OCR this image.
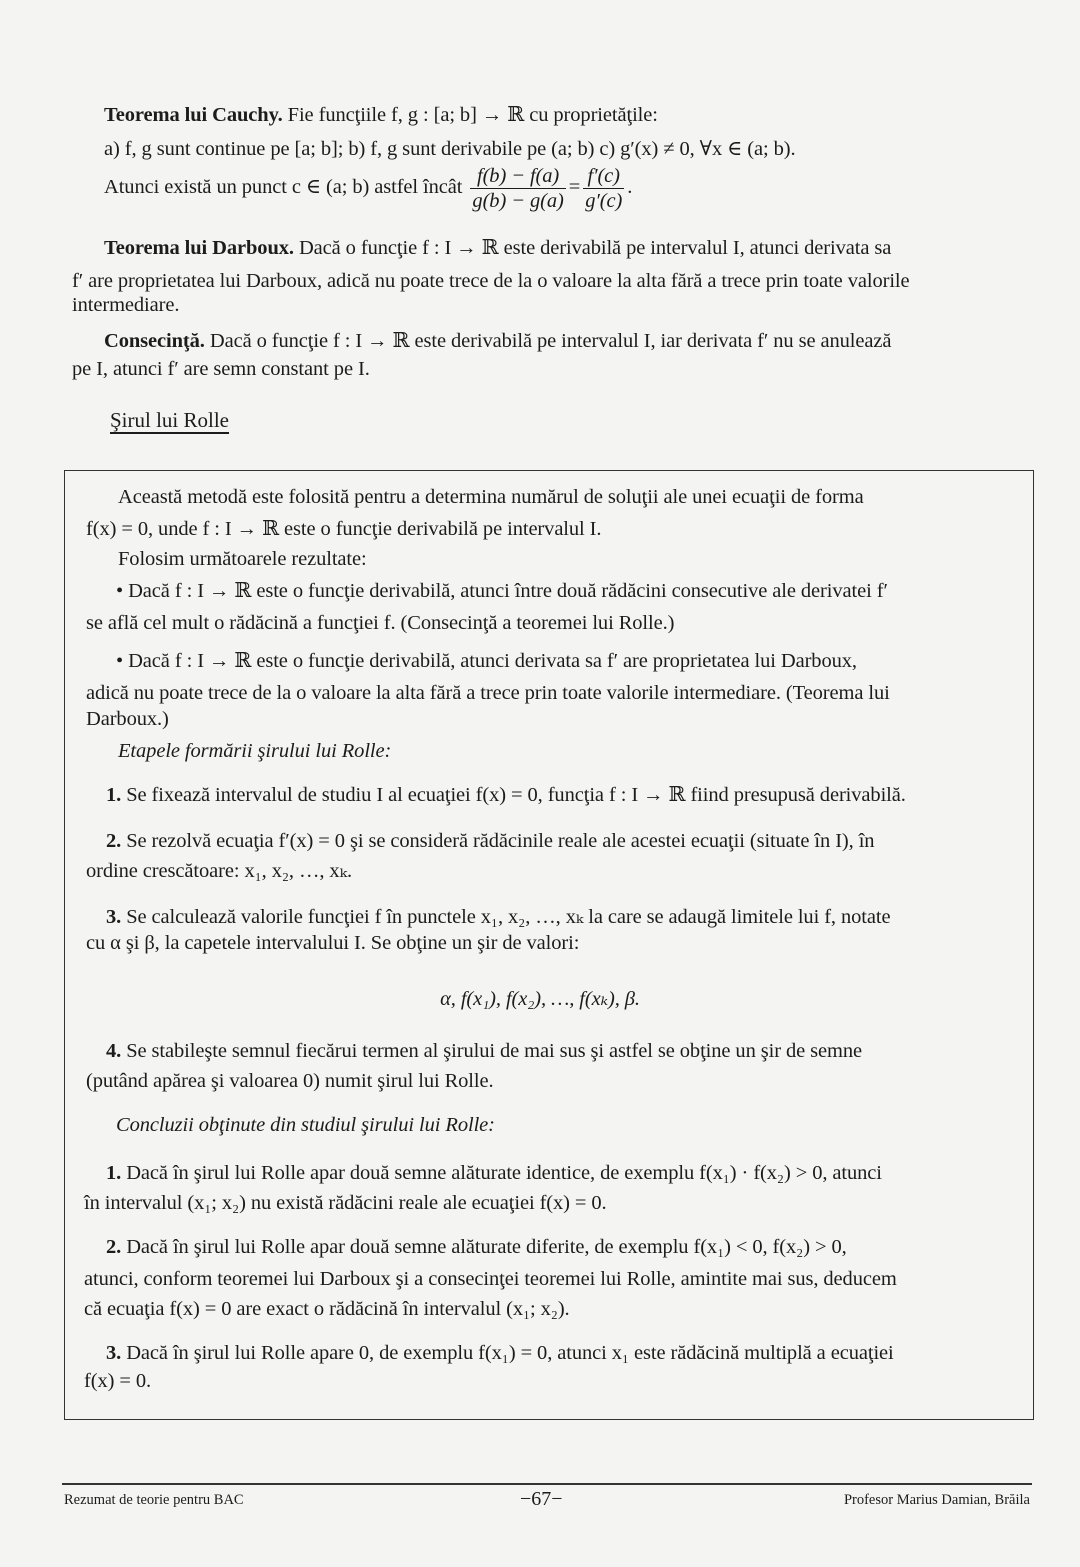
Teorema lui Cauchy. Fie funcţiile f, g : [a; b] → ℝ cu proprietăţile:
a) f, g sunt continue pe [a; b]; b) f, g sunt derivabile pe (a; b) c) g′(x) ≠ 0, ∀x ∈ (a; b).
Atunci există un punct c ∈ (a; b) astfel încât $\frac{f(b) - f(a)}{g(b) - g(a)} = \frac{f'(c)}{g'(c)}$ .
Teorema lui Darboux. Dacă o funcţie f : I → ℝ este derivabilă pe intervalul I, atunci derivata sa
f′ are proprietatea lui Darboux, adică nu poate trece de la o valoare la alta fără a trece prin toate valorile
intermediare.
Consecinţă. Dacă o funcţie f : I → ℝ este derivabilă pe intervalul I, iar derivata f′ nu se anulează
pe I, atunci f′ are semn constant pe I.
Şirul lui Rolle
Această metodă este folosită pentru a determina numărul de soluţii ale unei ecuaţii de forma
f(x) = 0, unde f : I → ℝ este o funcţie derivabilă pe intervalul I.
Folosim următoarele rezultate:
• Dacă f : I → ℝ este o funcţie derivabilă, atunci între două rădăcini consecutive ale derivatei f′
se află cel mult o rădăcină a funcţiei f. (Consecinţă a teoremei lui Rolle.)
• Dacă f : I → ℝ este o funcţie derivabilă, atunci derivata sa f′ are proprietatea lui Darboux,
adică nu poate trece de la o valoare la alta fără a trece prin toate valorile intermediare. (Teorema lui
Darboux.)
Etapele formării şirului lui Rolle:
1. Se fixează intervalul de studiu I al ecuaţiei f(x) = 0, funcţia f : I → ℝ fiind presupusă derivabilă.
2. Se rezolvă ecuaţia f′(x) = 0 şi se consideră rădăcinile reale ale acestei ecuaţii (situate în I), în
ordine crescătoare: x₁, x₂, …, xₖ.
3. Se calculează valorile funcţiei f în punctele x₁, x₂, …, xₖ la care se adaugă limitele lui f, notate
cu α şi β, la capetele intervalului I. Se obţine un şir de valori:
α, f(x₁), f(x₂), …, f(xₖ), β.
4. Se stabileşte semnul fiecărui termen al şirului de mai sus şi astfel se obţine un şir de semne
(putând apărea şi valoarea 0) numit şirul lui Rolle.
Concluzii obţinute din studiul şirului lui Rolle:
1. Dacă în şirul lui Rolle apar două semne alăturate identice, de exemplu f(x₁) · f(x₂) > 0, atunci
în intervalul (x₁; x₂) nu există rădăcini reale ale ecuaţiei f(x) = 0.
2. Dacă în şirul lui Rolle apar două semne alăturate diferite, de exemplu f(x₁) < 0, f(x₂) > 0,
atunci, conform teoremei lui Darboux şi a consecinţei teoremei lui Rolle, amintite mai sus, deducem
că ecuaţia f(x) = 0 are exact o rădăcină în intervalul (x₁; x₂).
3. Dacă în şirul lui Rolle apare 0, de exemplu f(x₁) = 0, atunci x₁ este rădăcină multiplă a ecuaţiei
f(x) = 0.
Rezumat de teorie pentru BAC	−67−	Profesor Marius Damian, Brăila
